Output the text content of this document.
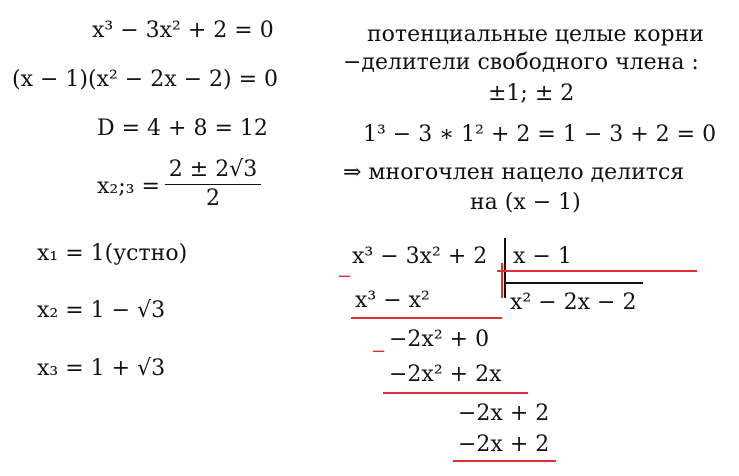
x³ − 3x² + 2 = 0
(x − 1)(x² − 2x − 2) = 0
D = 4 + 8 = 12
x₂;₃ =
2 ± 2√3
2
x₁ = 1(устно)
x₂ = 1 − √3
x₃ = 1 + √3
потенциальные целые корни
−делители свободного члена :
±1; ± 2
1³ − 3 ∗ 1² + 2 = 1 − 3 + 2 = 0
⇒ многочлен нацело делится
на (x − 1)
x³ − 3x² + 2 x − 1
x² − 2x − 2
−
x³ − x²
−2x² + 0
−
−2x² + 2x
−2x + 2
−2x + 2
